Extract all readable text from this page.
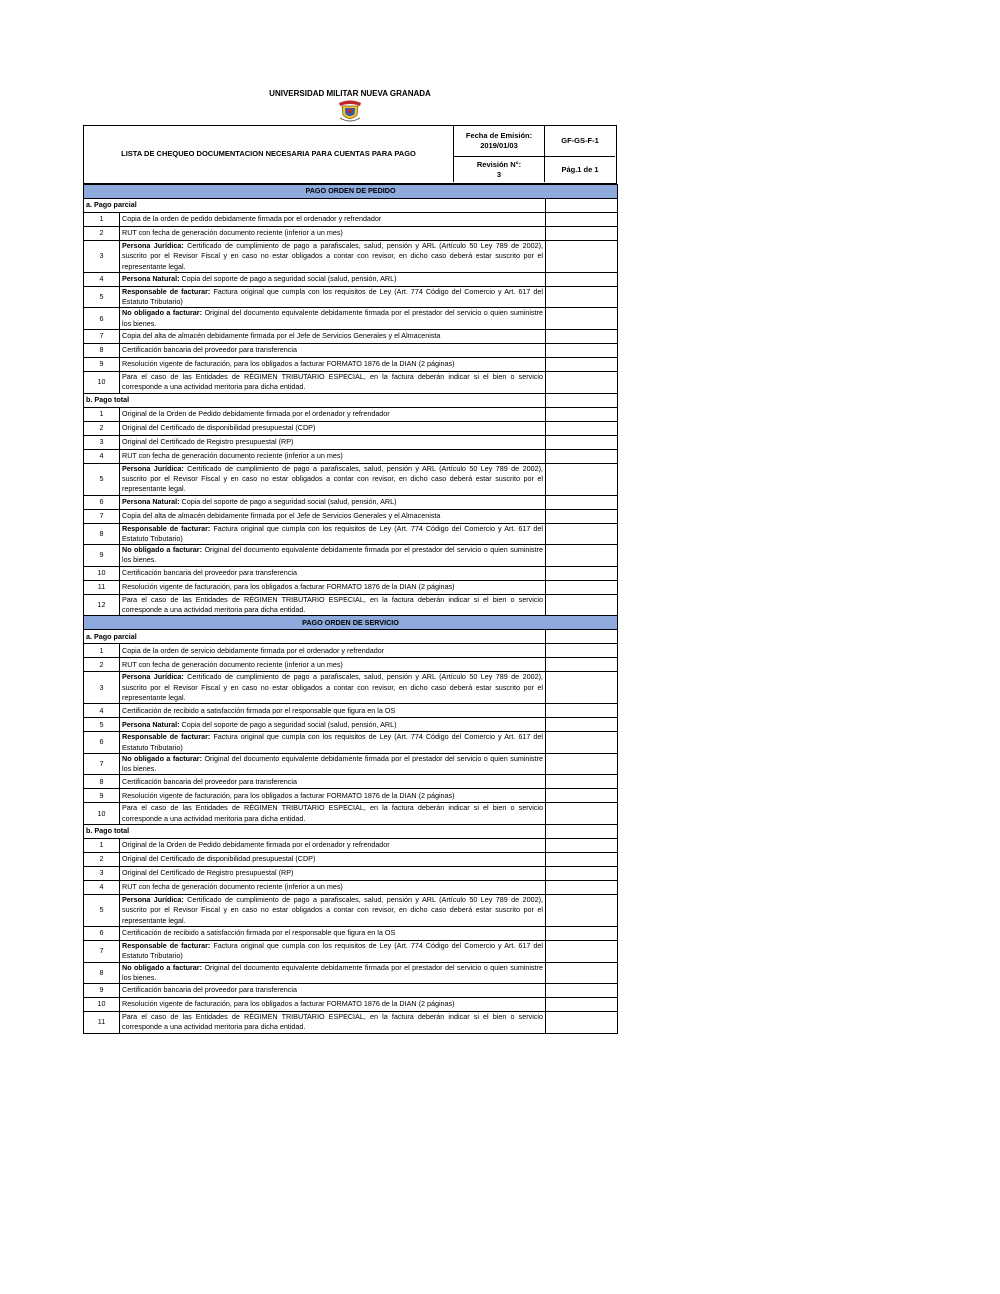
UNIVERSIDAD MILITAR NUEVA GRANADA
LISTA DE CHEQUEO DOCUMENTACION NECESARIA PARA CUENTAS PARA PAGO
Fecha de Emisión:
2019/01/03
GF-GS-F-1
Revisión N°:
3
Pág.1 de 1
PAGO ORDEN DE PEDIDO		
a. Pago parcial		
1	Copia de la orden de pedido debidamente firmada por el ordenador y refrendador	
2	RUT con fecha de generación documento reciente (inferior a un mes)	
3	Persona Jurídica: Certificado de cumplimiento de pago a parafiscales, salud, pensión y ARL (Artículo 50 Ley 789 de 2002), suscrito por el Revisor Fiscal y en caso no estar obligados a contar con revisor, en dicho caso deberá estar suscrito por el representante legal.	
4	Persona Natural: Copia del soporte de pago a seguridad social (salud, pensión, ARL)	
5	Responsable de facturar: Factura original que cumpla con los requisitos de Ley (Art. 774 Código del Comercio y Art. 617 del Estatuto Tributario)	
6	No obligado a facturar: Original del documento equivalente debidamente firmada por el prestador del servicio o quien suministre los bienes.	
7	Copia del alta de almacén debidamente firmada por el Jefe de Servicios Generales y el Almacenista	
8	Certificación bancaria del proveedor para transferencia	
9	Resolución vigente de facturación, para los obligados a facturar FORMATO 1876 de la DIAN (2 páginas)	
10	Para el caso de las Entidades de RÉGIMEN TRIBUTARIO ESPECIAL, en la factura deberán indicar si el bien o servicio corresponde a una actividad meritoria para dicha entidad.	
b. Pago total		
1	Original de la Orden de Pedido debidamente firmada por el ordenador y refrendador	
2	Original del Certificado de disponibilidad presupuestal (CDP)	
3	Original del Certificado de Registro presupuestal (RP)	
4	RUT con fecha de generación documento reciente (inferior a un mes)	
5	Persona Jurídica: Certificado de cumplimiento de pago a parafiscales, salud, pensión y ARL (Artículo 50 Ley 789 de 2002), suscrito por el Revisor Fiscal y en caso no estar obligados a contar con revisor, en dicho caso deberá estar suscrito por el representante legal.	
6	Persona Natural: Copia del soporte de pago a seguridad social (salud, pensión, ARL)	
7	Copia del alta de almacén debidamente firmada por el Jefe de Servicios Generales y el Almacenista	
8	Responsable de facturar: Factura original que cumpla con los requisitos de Ley (Art. 774 Código del Comercio y Art. 617 del Estatuto Tributario)	
9	No obligado a facturar: Original del documento equivalente debidamente firmada por el prestador del servicio o quien suministre los bienes.	
10	Certificación bancaria del proveedor para transferencia	
11	Resolución vigente de facturación, para los obligados a facturar FORMATO 1876 de la DIAN (2 páginas)	
12	Para el caso de las Entidades de RÉGIMEN TRIBUTARIO ESPECIAL, en la factura deberán indicar si el bien o servicio corresponde a una actividad meritoria para dicha entidad.	
PAGO ORDEN DE SERVICIO		
a. Pago parcial		
1	Copia de la orden de servicio debidamente firmada por el ordenador y refrendador	
2	RUT con fecha de generación documento reciente (inferior a un mes)	
3	Persona Jurídica: Certificado de cumplimiento de pago a parafiscales, salud, pensión y ARL (Artículo 50 Ley 789 de 2002), suscrito por el Revisor Fiscal y en caso no estar obligados a contar con revisor, en dicho caso deberá estar suscrito por el representante legal.	
4	Certificación de recibido a satisfacción firmada por el responsable que figura en la OS	
5	Persona Natural: Copia del soporte de pago a seguridad social (salud, pensión, ARL)	
6	Responsable de facturar: Factura original que cumpla con los requisitos de Ley (Art. 774 Código del Comercio y Art. 617 del Estatuto Tributario)	
7	No obligado a facturar: Original del documento equivalente debidamente firmada por el prestador del servicio o quien suministre los bienes.	
8	Certificación bancaria del proveedor para transferencia	
9	Resolución vigente de facturación, para los obligados a facturar FORMATO 1876 de la DIAN (2 páginas)	
10	Para el caso de las Entidades de RÉGIMEN TRIBUTARIO ESPECIAL, en la factura deberán indicar si el bien o servicio corresponde a una actividad meritoria para dicha entidad.	
b. Pago total		
1	Original de la Orden de Pedido debidamente firmada por el ordenador y refrendador	
2	Original del Certificado de disponibilidad presupuestal (CDP)	
3	Original del Certificado de Registro presupuestal (RP)	
4	RUT con fecha de generación documento reciente (inferior a un mes)	
5	Persona Jurídica: Certificado de cumplimiento de pago a parafiscales, salud, pensión y ARL (Artículo 50 Ley 789 de 2002), suscrito por el Revisor Fiscal y en caso no estar obligados a contar con revisor, en dicho caso deberá estar suscrito por el representante legal.	
6	Certificación de recibido a satisfacción firmada por el responsable que figura en la OS	
7	Responsable de facturar: Factura original que cumpla con los requisitos de Ley (Art. 774 Código del Comercio y Art. 617 del Estatuto Tributario)	
8	No obligado a facturar: Original del documento equivalente debidamente firmada por el prestador del servicio o quien suministre los bienes.	
9	Certificación bancaria del proveedor para transferencia	
10	Resolución vigente de facturación, para los obligados a facturar FORMATO 1876 de la DIAN (2 páginas)	
11	Para el caso de las Entidades de RÉGIMEN TRIBUTARIO ESPECIAL, en la factura deberán indicar si el bien o servicio corresponde a una actividad meritoria para dicha entidad.	
